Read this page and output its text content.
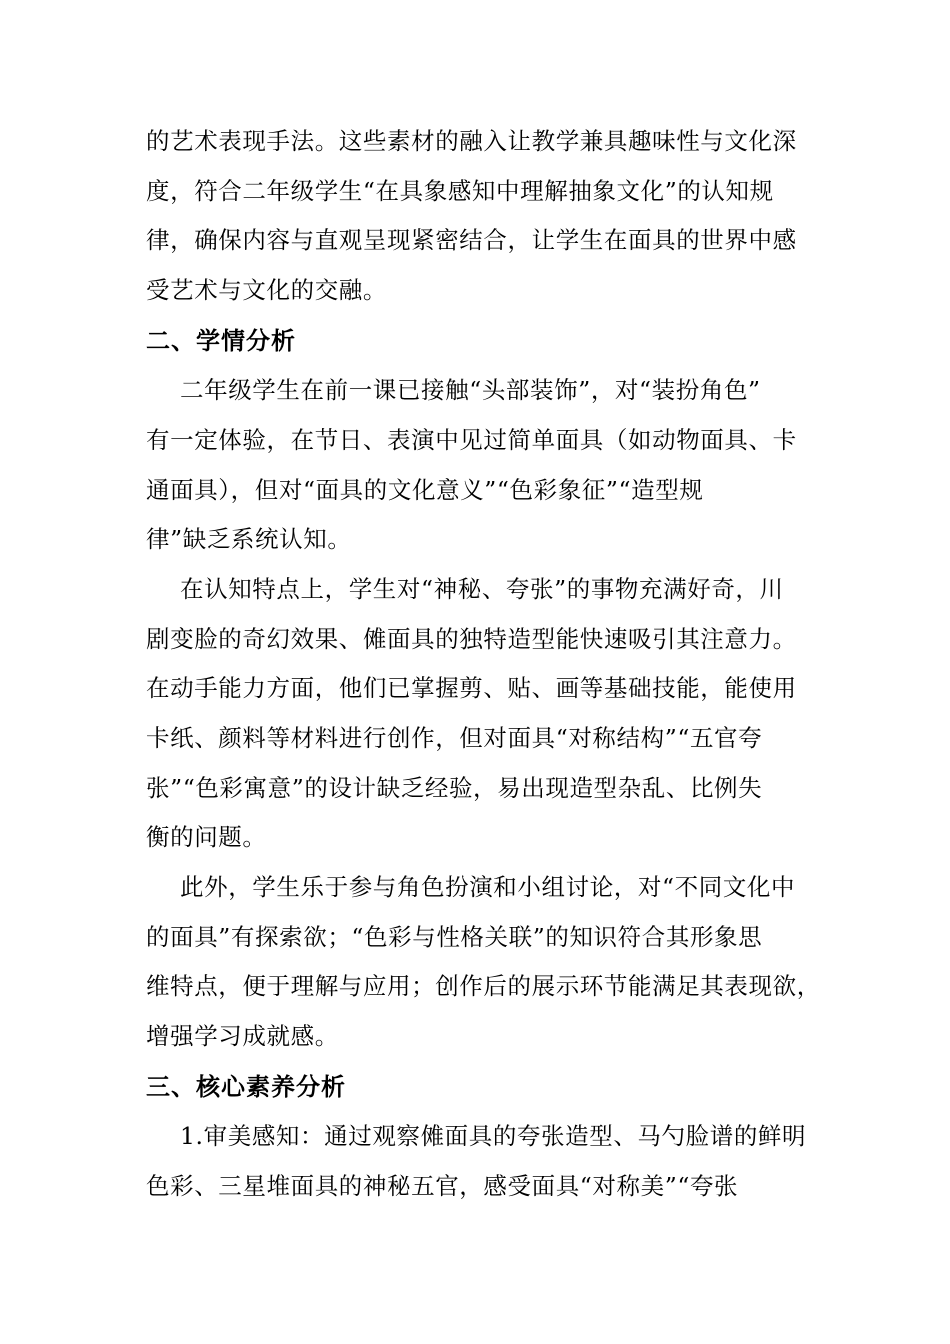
的艺术表现手法。这些素材的融入让教学兼具趣味性与文化深
度，符合二年级学生“在具象感知中理解抽象文化”的认知规
律，确保内容与直观呈现紧密结合，让学生在面具的世界中感
受艺术与文化的交融。
二、学情分析
二年级学生在前一课已接触“头部装饰”，对“装扮角色”
有一定体验，在节日、表演中见过简单面具（如动物面具、卡
通面具），但对“面具的文化意义”“色彩象征”“造型规
律”缺乏系统认知。
在认知特点上，学生对“神秘、夸张”的事物充满好奇，川
剧变脸的奇幻效果、傩面具的独特造型能快速吸引其注意力。
在动手能力方面，他们已掌握剪、贴、画等基础技能，能使用
卡纸、颜料等材料进行创作，但对面具“对称结构”“五官夸
张”“色彩寓意”的设计缺乏经验，易出现造型杂乱、比例失
衡的问题。
此外，学生乐于参与角色扮演和小组讨论，对“不同文化中
的面具”有探索欲；“色彩与性格关联”的知识符合其形象思
维特点，便于理解与应用；创作后的展示环节能满足其表现欲，
增强学习成就感。
三、核心素养分析
1.审美感知：通过观察傩面具的夸张造型、马勺脸谱的鲜明
色彩、三星堆面具的神秘五官，感受面具“对称美”“夸张
